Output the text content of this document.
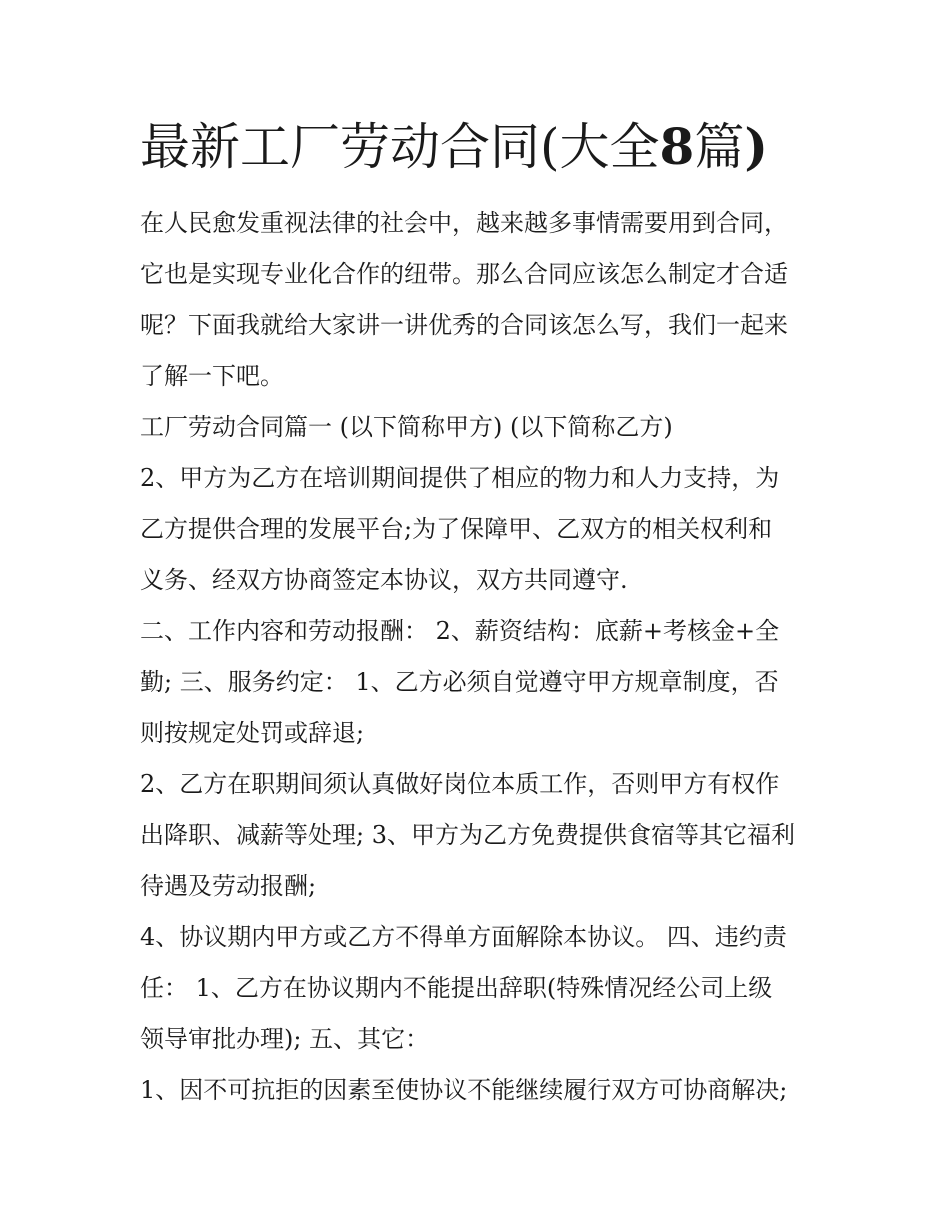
最新工厂劳动合同(大全8篇)
在人民愈发重视法律的社会中，越来越多事情需要用到合同，
它也是实现专业化合作的纽带。那么合同应该怎么制定才合适
呢？下面我就给大家讲一讲优秀的合同该怎么写，我们一起来
了解一下吧。
工厂劳动合同篇一 (以下简称甲方) (以下简称乙方)
2、甲方为乙方在培训期间提供了相应的物力和人力支持，为
乙方提供合理的发展平台;为了保障甲、乙双方的相关权利和
义务、经双方协商签定本协议，双方共同遵守.
二、工作内容和劳动报酬： 2、薪资结构：底薪+考核金+全
勤; 三、服务约定： 1、乙方必须自觉遵守甲方规章制度，否
则按规定处罚或辞退;
2、乙方在职期间须认真做好岗位本质工作，否则甲方有权作
出降职、减薪等处理; 3、甲方为乙方免费提供食宿等其它福利
待遇及劳动报酬;
4、协议期内甲方或乙方不得单方面解除本协议。 四、违约责
任： 1、乙方在协议期内不能提出辞职(特殊情况经公司上级
领导审批办理); 五、其它：
1、因不可抗拒的因素至使协议不能继续履行双方可协商解决;
